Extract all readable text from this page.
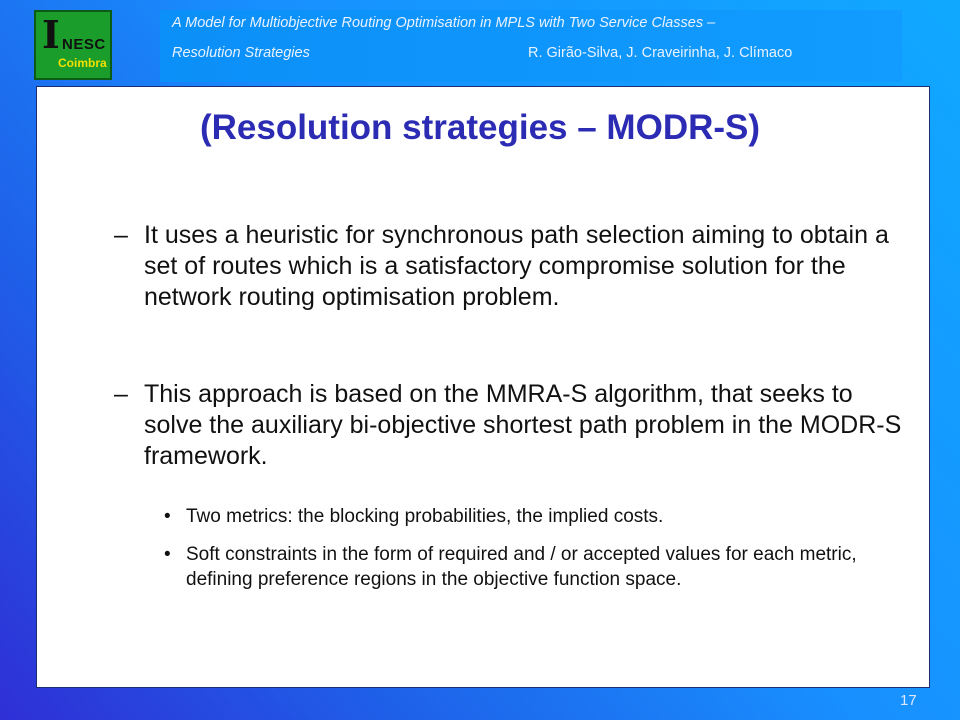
I NESC
Coimbra
A Model for Multiobjective Routing Optimisation in MPLS with Two Service Classes –
Resolution Strategies	R. Girão-Silva, J. Craveirinha, J. Clímaco
(Resolution strategies – MODR-S)
– It uses a heuristic for synchronous path selection aiming to obtain a set of routes which is a satisfactory compromise solution for the network routing optimisation problem.
– This approach is based on the MMRA-S algorithm, that seeks to solve the auxiliary bi-objective shortest path problem in the MODR-S framework.
• Two metrics: the blocking probabilities, the implied costs.
• Soft constraints in the form of required and / or accepted values for each metric, defining preference regions in the objective function space.
17
